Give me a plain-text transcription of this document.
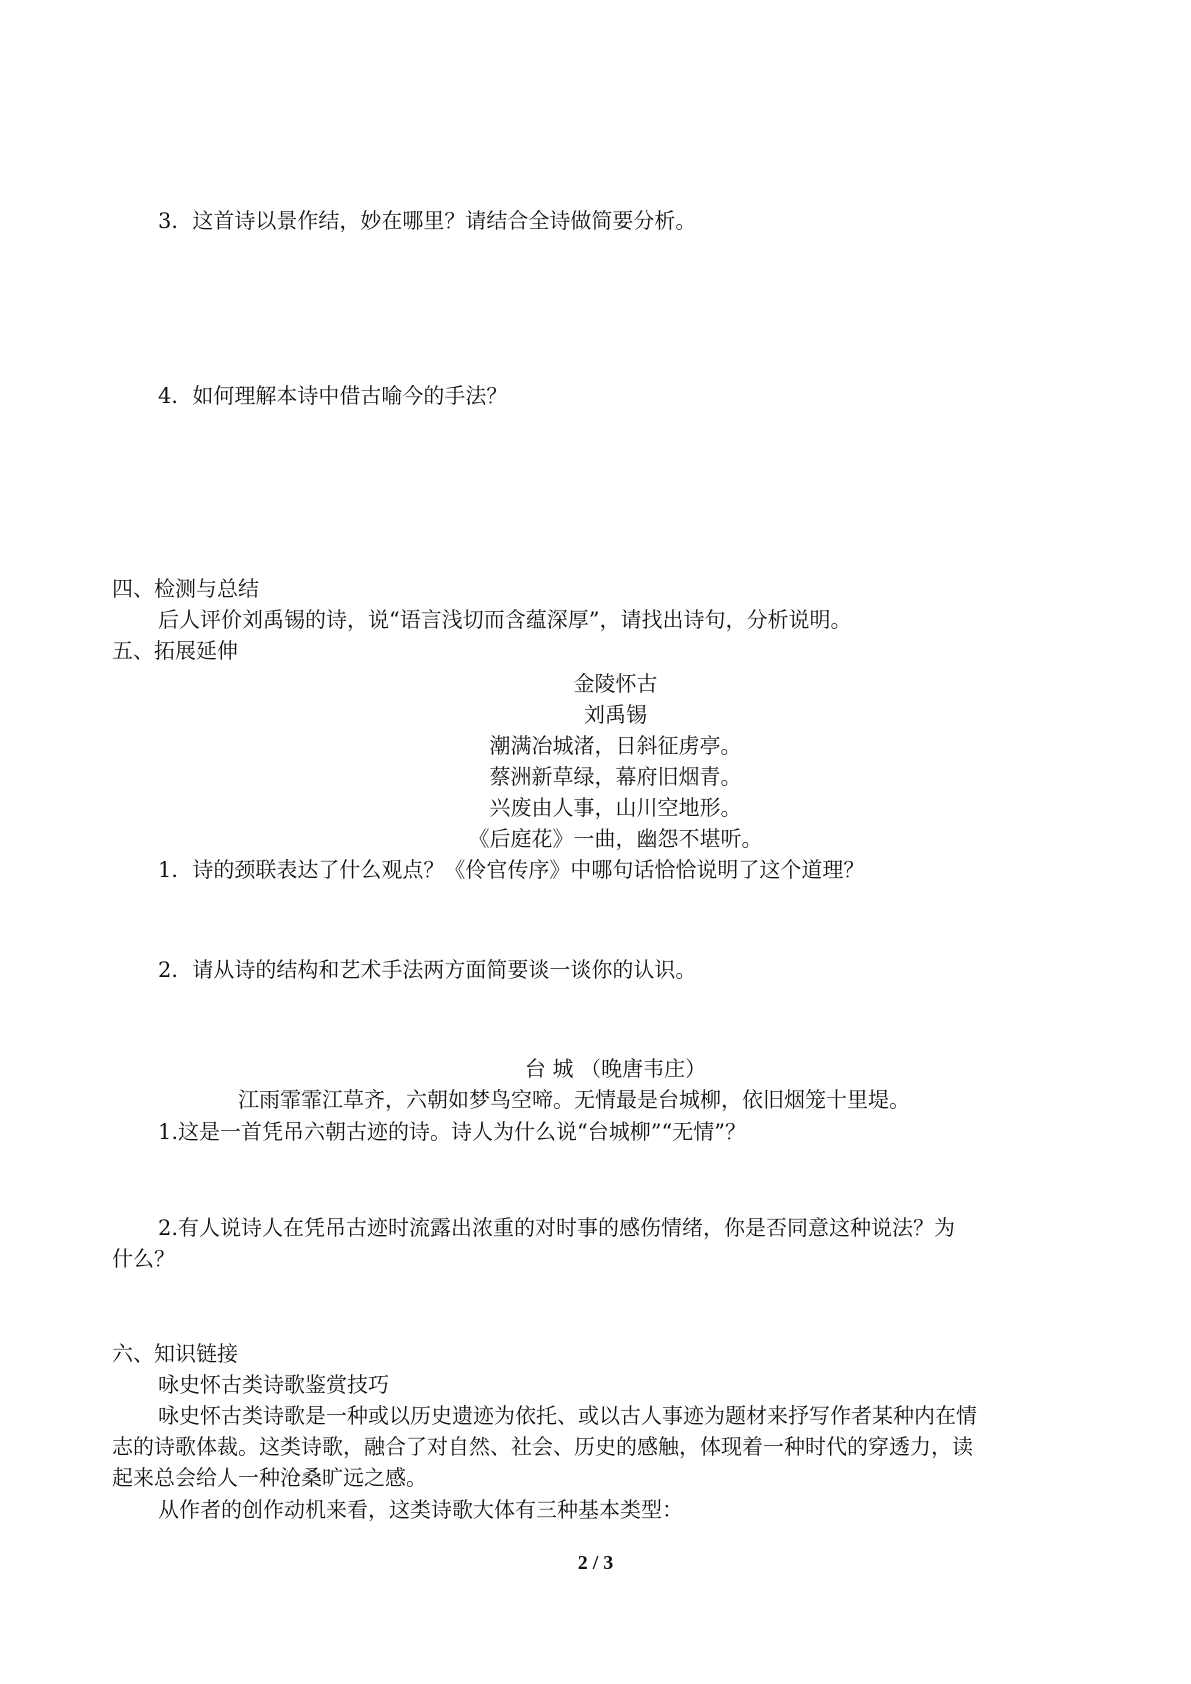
3．这首诗以景作结，妙在哪里？请结合全诗做简要分析。
4．如何理解本诗中借古喻今的手法？
四、检测与总结
后人评价刘禹锡的诗，说“语言浅切而含蕴深厚”，请找出诗句，分析说明。
五、拓展延伸
金陵怀古
刘禹锡
潮满冶城渚，日斜征虏亭。
蔡洲新草绿，幕府旧烟青。
兴废由人事，山川空地形。
《后庭花》一曲，幽怨不堪听。
1．诗的颈联表达了什么观点？《伶官传序》中哪句话恰恰说明了这个道理？
2．请从诗的结构和艺术手法两方面简要谈一谈你的认识。
台 城 （晚唐韦庄）
江雨霏霏江草齐，六朝如梦鸟空啼。无情最是台城柳，依旧烟笼十里堤。
1.这是一首凭吊六朝古迹的诗。诗人为什么说“台城柳”“无情”？
2.有人说诗人在凭吊古迹时流露出浓重的对时事的感伤情绪，你是否同意这种说法？为
什么？
六、知识链接
咏史怀古类诗歌鉴赏技巧
咏史怀古类诗歌是一种或以历史遗迹为依托、或以古人事迹为题材来抒写作者某种内在情
志的诗歌体裁。这类诗歌，融合了对自然、社会、历史的感触，体现着一种时代的穿透力，读
起来总会给人一种沧桑旷远之感。
从作者的创作动机来看，这类诗歌大体有三种基本类型：
2 / 3
